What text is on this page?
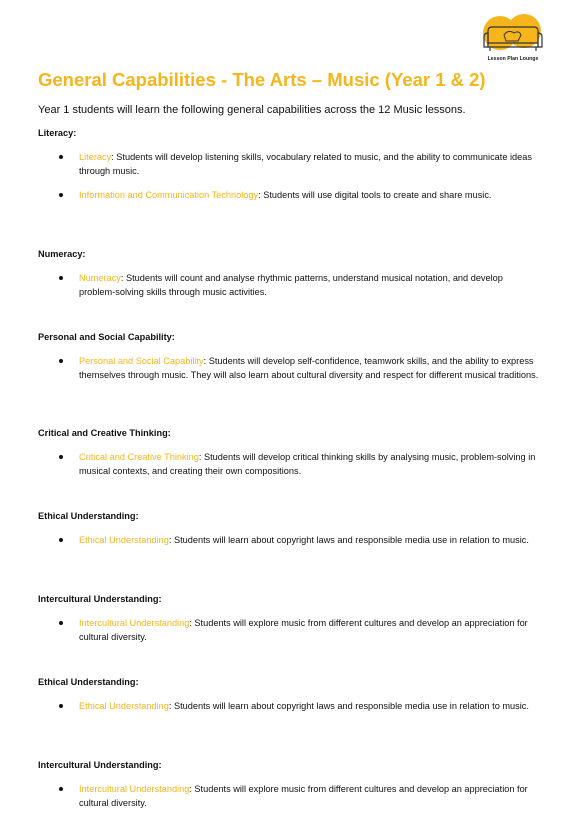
Lesson Plan Lounge
General Capabilities - The Arts – Music (Year 1 & 2)

Year 1 students will learn the following general capabilities across the 12 Music lessons.

Literacy:
Literacy: Students will develop listening skills, vocabulary related to music, and the ability to communicate ideas through music.
Information and Communication Technology: Students will use digital tools to create and share music.
Numeracy:
Numeracy: Students will count and analyse rhythmic patterns, understand musical notation, and develop problem-solving skills through music activities.
Personal and Social Capability:
Personal and Social Capability: Students will develop self-confidence, teamwork skills, and the ability to express themselves through music. They will also learn about cultural diversity and respect for different musical traditions.
Critical and Creative Thinking:
Critical and Creative Thinking: Students will develop critical thinking skills by analysing music, problem-solving in musical contexts, and creating their own compositions.
Ethical Understanding:
Ethical Understanding: Students will learn about copyright laws and responsible media use in relation to music.
Intercultural Understanding:
Intercultural Understanding: Students will explore music from different cultures and develop an appreciation for cultural diversity.
Ethical Understanding:
Ethical Understanding: Students will learn about copyright laws and responsible media use in relation to music.
Intercultural Understanding:
Intercultural Understanding: Students will explore music from different cultures and develop an appreciation for cultural diversity.
